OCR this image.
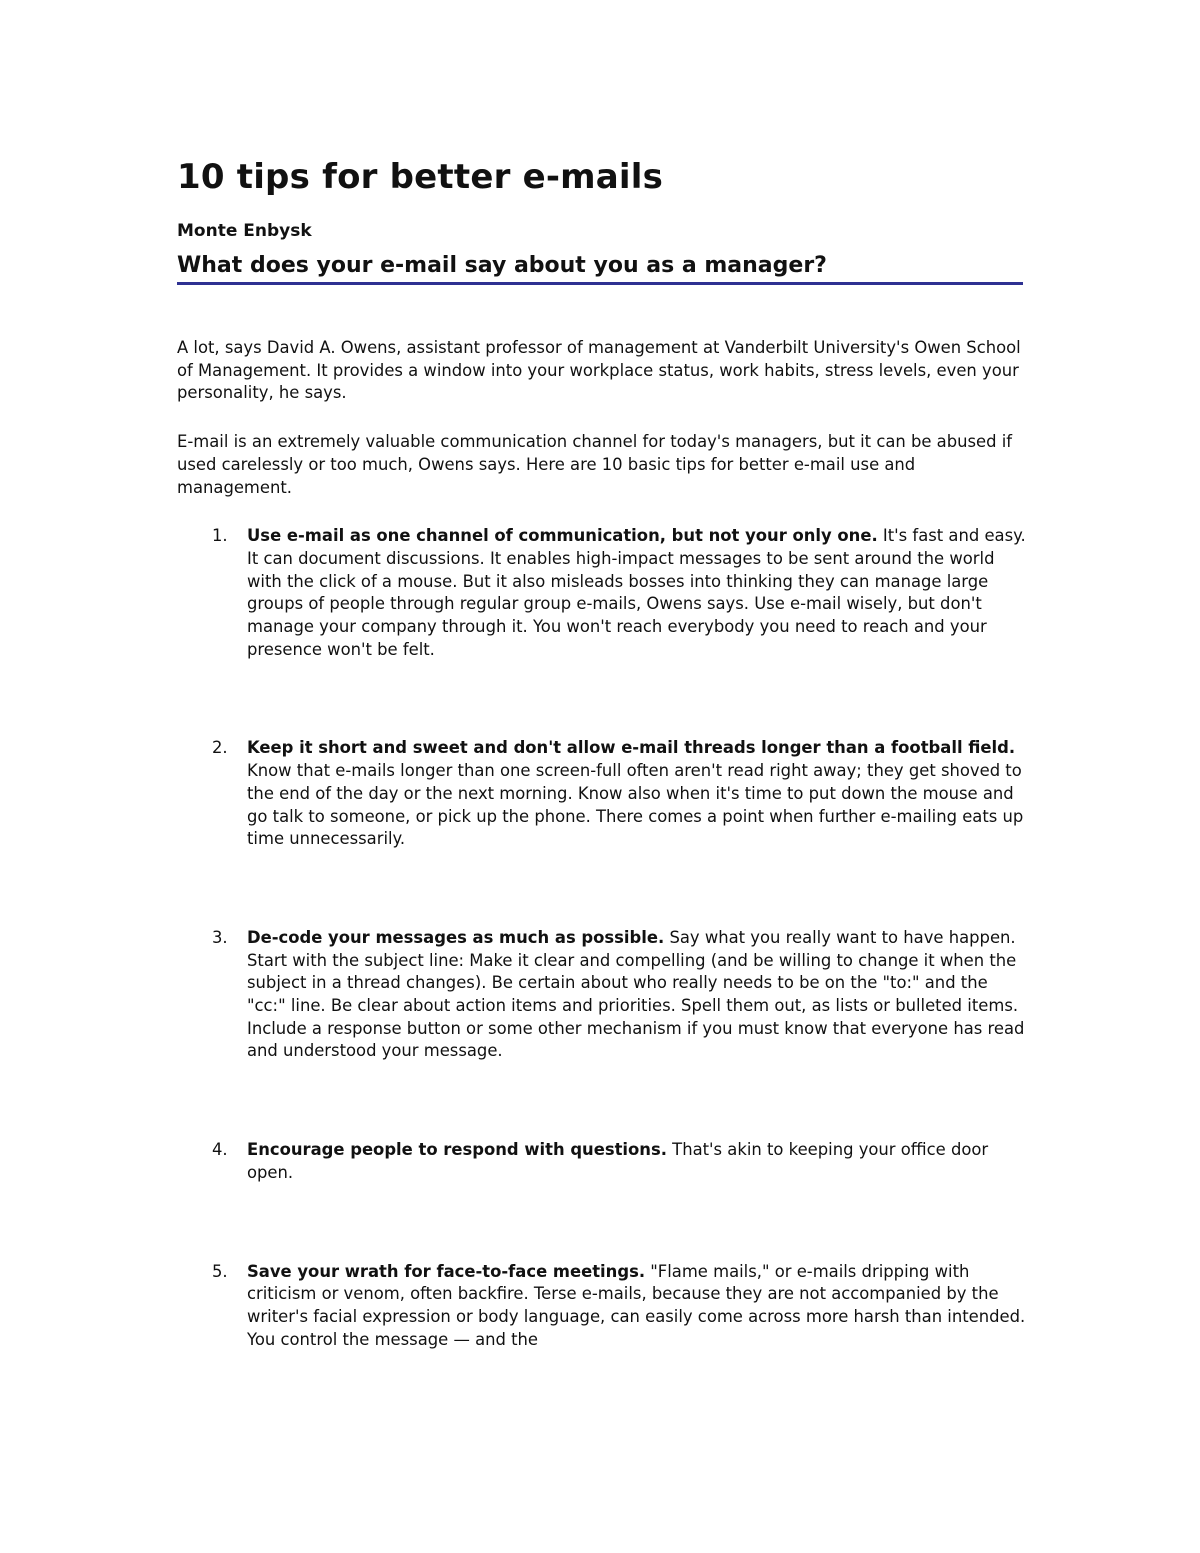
10 tips for better e-mails
Monte Enbysk
What does your e-mail say about you as a manager?

A lot, says David A. Owens, assistant professor of management at Vanderbilt University's Owen School of Management. It provides a window into your workplace status, work habits, stress levels, even your personality, he says.

E-mail is an extremely valuable communication channel for today's managers, but it can be abused if used carelessly or too much, Owens says. Here are 10 basic tips for better e-mail use and management.

1. Use e-mail as one channel of communication, but not your only one. It's fast and easy. It can document discussions. It enables high-impact messages to be sent around the world with the click of a mouse. But it also misleads bosses into thinking they can manage large groups of people through regular group e-mails, Owens says. Use e-mail wisely, but don't manage your company through it. You won't reach everybody you need to reach and your presence won't be felt.
2. Keep it short and sweet and don't allow e-mail threads longer than a football field. Know that e-mails longer than one screen-full often aren't read right away; they get shoved to the end of the day or the next morning. Know also when it's time to put down the mouse and go talk to someone, or pick up the phone. There comes a point when further e-mailing eats up time unnecessarily.
3. De-code your messages as much as possible. Say what you really want to have happen. Start with the subject line: Make it clear and compelling (and be willing to change it when the subject in a thread changes). Be certain about who really needs to be on the "to:" and the "cc:" line. Be clear about action items and priorities. Spell them out, as lists or bulleted items. Include a response button or some other mechanism if you must know that everyone has read and understood your message.
4. Encourage people to respond with questions. That's akin to keeping your office door open.
5. Save your wrath for face-to-face meetings. "Flame mails," or e-mails dripping with criticism or venom, often backfire. Terse e-mails, because they are not accompanied by the writer's facial expression or body language, can easily come across more harsh than intended. You control the message — and the
